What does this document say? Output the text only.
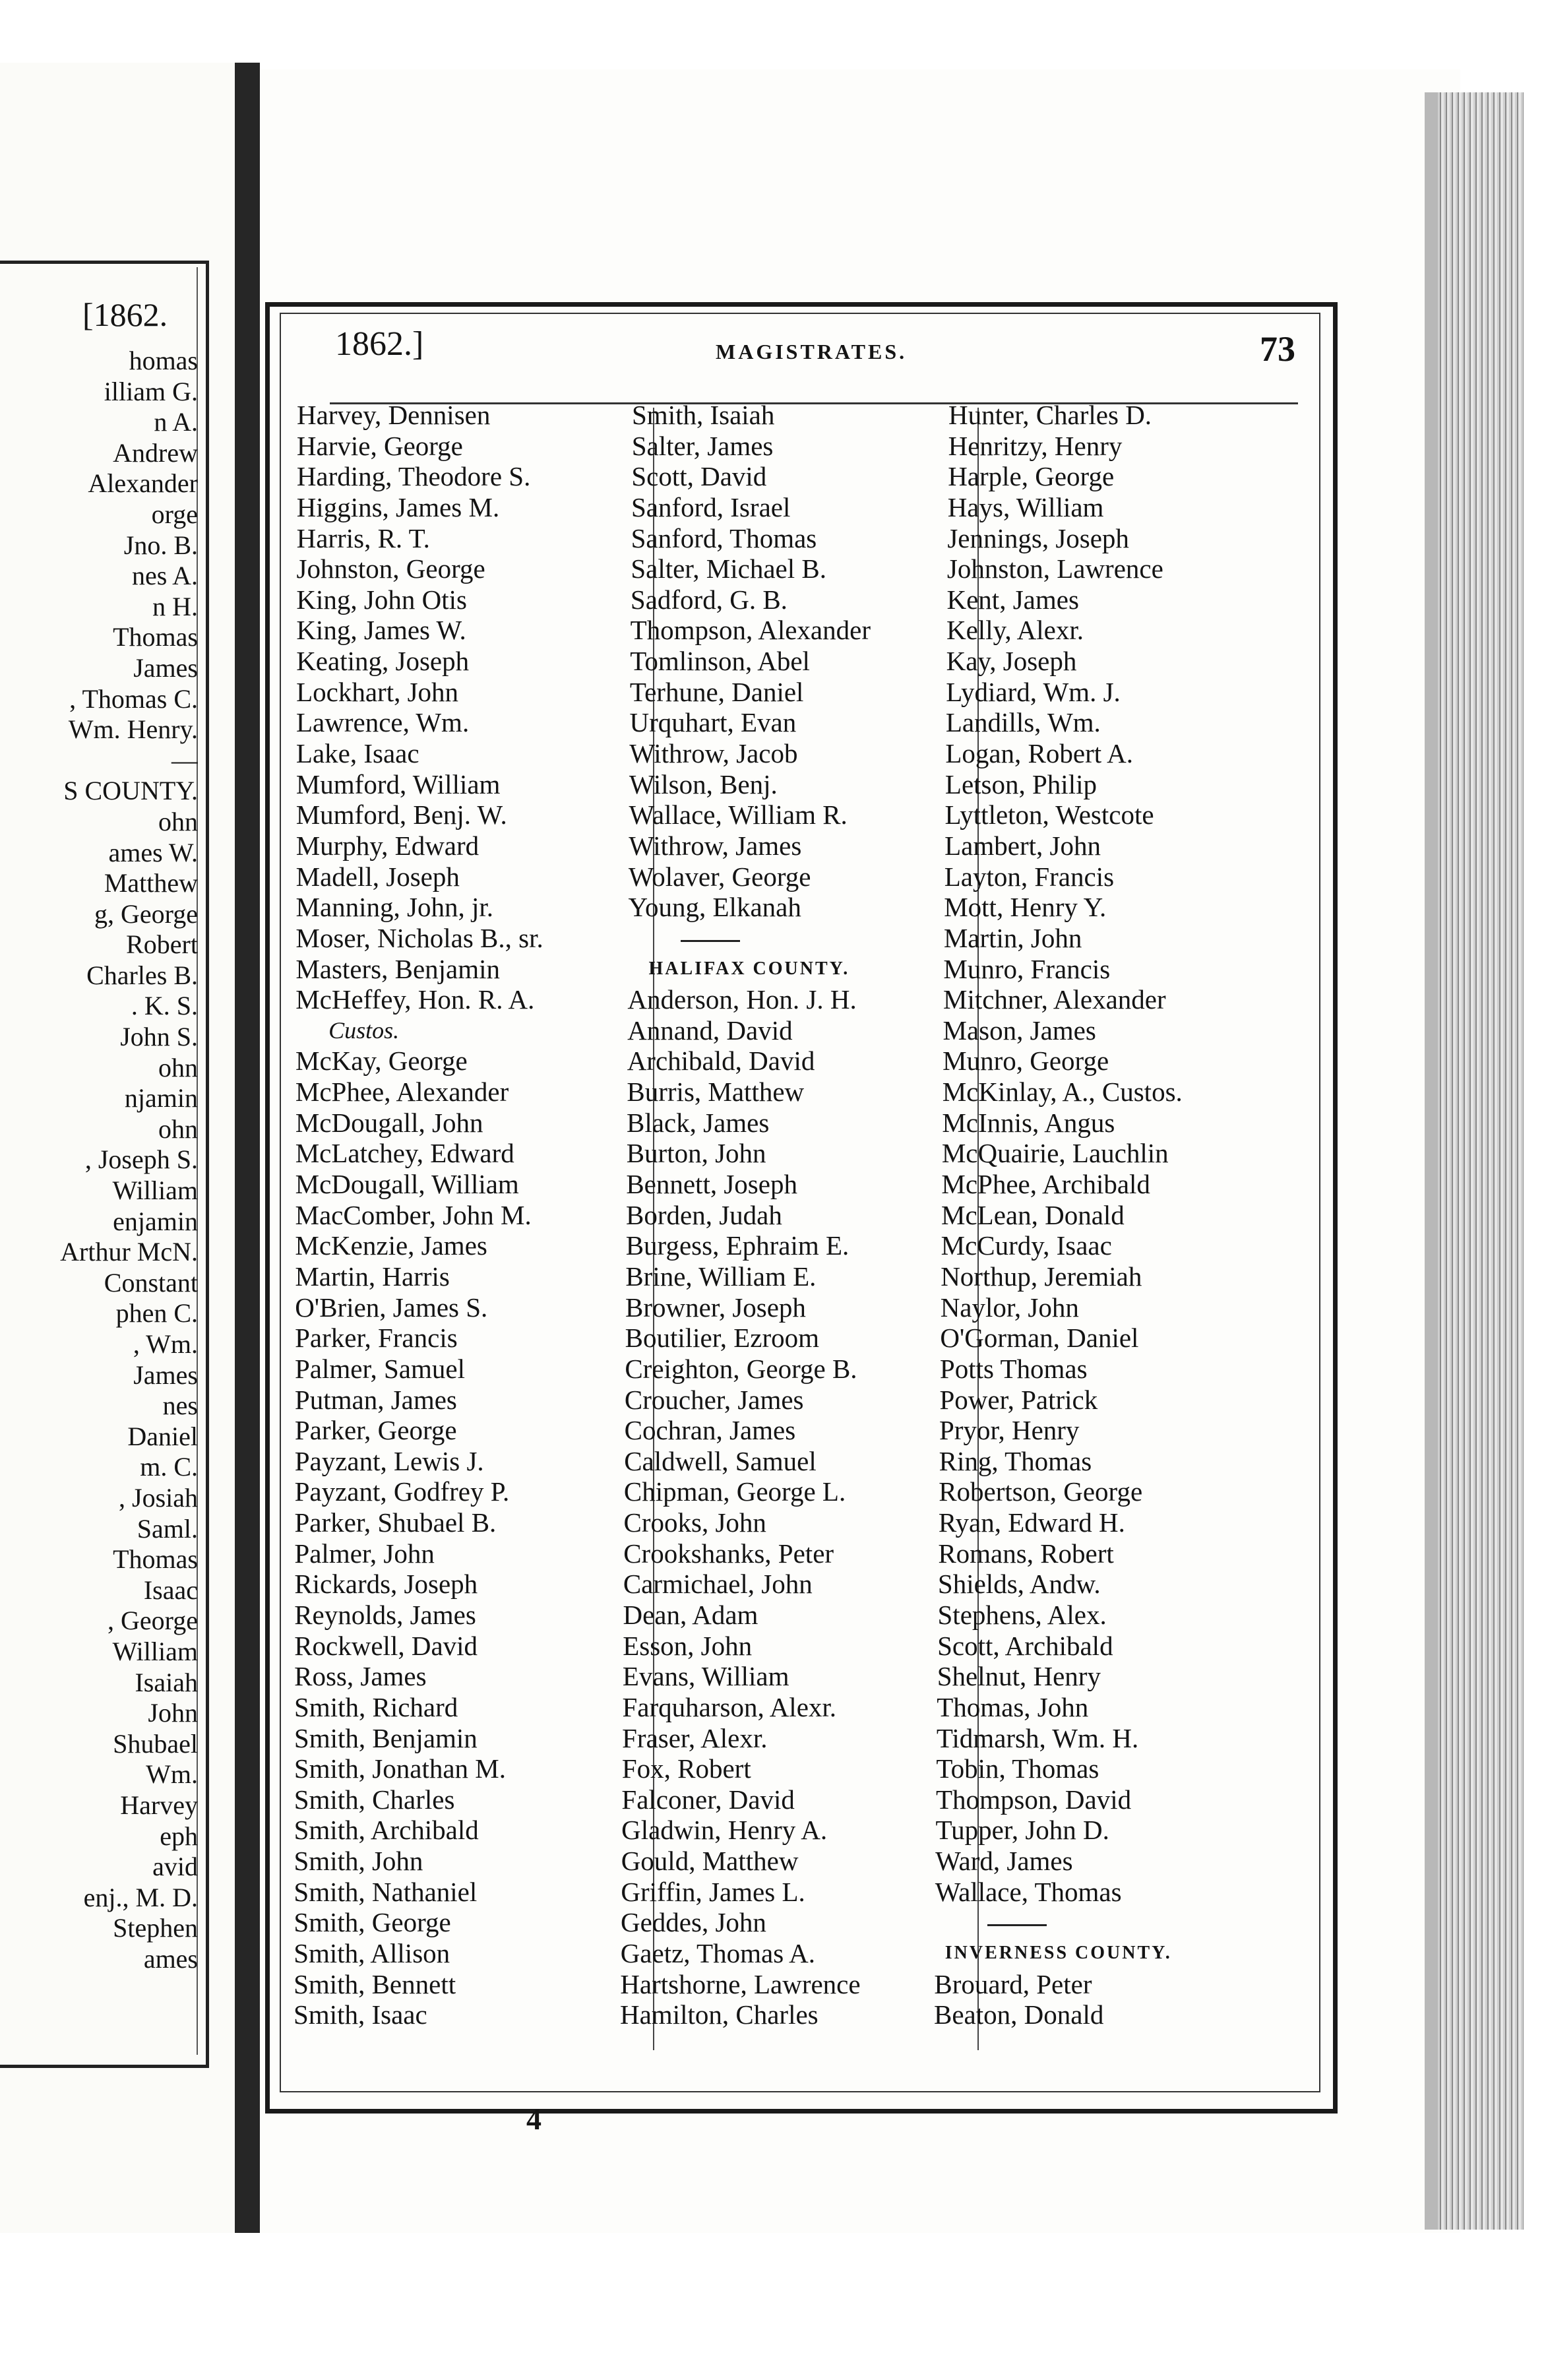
[1862.
homas
illiam G.
n A.
Andrew
Alexander
orge
Jno. B.
nes A.
n H.
Thomas
James
, Thomas C.
Wm. Henry.
—
S COUNTY.
ohn
ames W.
Matthew
g, George
Robert
Charles B.
. K. S.
John S.
ohn
njamin
ohn
, Joseph S.
William
enjamin
Arthur McN.
Constant
phen C.
, Wm.
James
nes
Daniel
m. C.
, Josiah
Saml.
Thomas
Isaac
, George
William
Isaiah
John
Shubael
Wm.
Harvey
eph
avid
enj., M. D.
Stephen
ames
1862.]	MAGISTRATES.	73
Harvey, Dennisen
Harvie, George
Harding, Theodore S.
Higgins, James M.
Harris, R. T.
Johnston, George
King, John Otis
King, James W.
Keating, Joseph
Lockhart, John
Lawrence, Wm.
Lake, Isaac
Mumford, William
Mumford, Benj. W.
Murphy, Edward
Madell, Joseph
Manning, John, jr.
Moser, Nicholas B., sr.
Masters, Benjamin
McHeffey, Hon. R. A.
Custos.
McKay, George
McPhee, Alexander
McDougall, John
McLatchey, Edward
McDougall, William
MacComber, John M.
McKenzie, James
Martin, Harris
O'Brien, James S.
Parker, Francis
Palmer, Samuel
Putman, James
Parker, George
Payzant, Lewis J.
Payzant, Godfrey P.
Parker, Shubael B.
Palmer, John
Rickards, Joseph
Reynolds, James
Rockwell, David
Ross, James
Smith, Richard
Smith, Benjamin
Smith, Jonathan M.
Smith, Charles
Smith, Archibald
Smith, John
Smith, Nathaniel
Smith, George
Smith, Allison
Smith, Bennett
Smith, Isaac
Smith, Isaiah
Salter, James
Scott, David
Sanford, Israel
Sanford, Thomas
Salter, Michael B.
Sadford, G. B.
Thompson, Alexander
Tomlinson, Abel
Terhune, Daniel
Urquhart, Evan
Withrow, Jacob
Wilson, Benj.
Wallace, William R.
Withrow, James
Wolaver, George
Young, Elkanah
HALIFAX COUNTY.
Anderson, Hon. J. H.
Annand, David
Archibald, David
Burris, Matthew
Black, James
Burton, John
Bennett, Joseph
Borden, Judah
Burgess, Ephraim E.
Brine, William E.
Browner, Joseph
Boutilier, Ezroom
Creighton, George B.
Croucher, James
Cochran, James
Caldwell, Samuel
Chipman, George L.
Crooks, John
Crookshanks, Peter
Carmichael, John
Dean, Adam
Esson, John
Evans, William
Farquharson, Alexr.
Fraser, Alexr.
Fox, Robert
Falconer, David
Gladwin, Henry A.
Gould, Matthew
Griffin, James L.
Geddes, John
Gaetz, Thomas A.
Hartshorne, Lawrence
Hamilton, Charles
Hunter, Charles D.
Henritzy, Henry
Harple, George
Hays, William
Jennings, Joseph
Johnston, Lawrence
Kent, James
Kelly, Alexr.
Kay, Joseph
Lydiard, Wm. J.
Landills, Wm.
Logan, Robert A.
Letson, Philip
Lyttleton, Westcote
Lambert, John
Layton, Francis
Mott, Henry Y.
Martin, John
Munro, Francis
Mitchner, Alexander
Mason, James
Munro, George
McKinlay, A., Custos.
McInnis, Angus
McQuairie, Lauchlin
McPhee, Archibald
McLean, Donald
McCurdy, Isaac
Northup, Jeremiah
Naylor, John
O'Gorman, Daniel
Potts Thomas
Power, Patrick
Pryor, Henry
Ring, Thomas
Robertson, George
Ryan, Edward H.
Romans, Robert
Shields, Andw.
Stephens, Alex.
Scott, Archibald
Shelnut, Henry
Thomas, John
Tidmarsh, Wm. H.
Tobin, Thomas
Thompson, David
Tupper, John D.
Ward, James
Wallace, Thomas
INVERNESS COUNTY.
Brouard, Peter
Beaton, Donald
4
